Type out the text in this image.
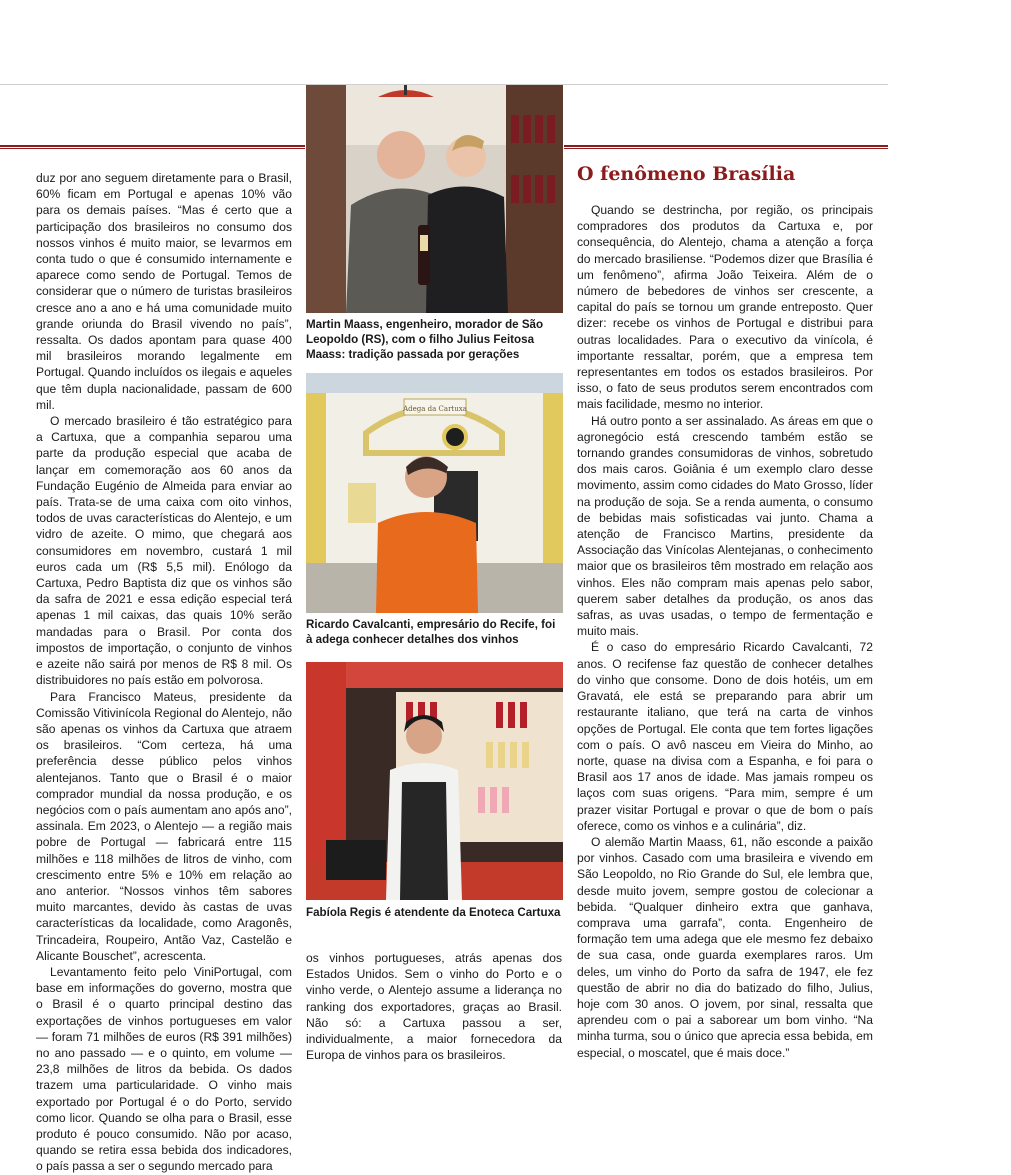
duz por ano seguem diretamente para o Brasil, 60% ficam em Portugal e apenas 10% vão para os demais países. “Mas é certo que a participação dos brasileiros no consumo dos nossos vinhos é muito maior, se levarmos em conta tudo o que é consumido internamente e aparece como sendo de Portugal. Temos de considerar que o número de turistas brasileiros cresce ano a ano e há uma comunidade muito grande oriunda do Brasil vivendo no país”, ressalta. Os dados apontam para quase 400 mil brasileiros morando legalmente em Portugal. Quando incluídos os ilegais e aqueles que têm dupla nacionalidade, passam de 600 mil.

O mercado brasileiro é tão estratégico para a Cartuxa, que a companhia separou uma parte da produção especial que acaba de lançar em comemoração aos 60 anos da Fundação Eugénio de Almeida para enviar ao país. Trata-se de uma caixa com oito vinhos, todos de uvas características do Alentejo, e um vidro de azeite. O mimo, que chegará aos consumidores em novembro, custará 1 mil euros cada um (R$ 5,5 mil). Enólogo da Cartuxa, Pedro Baptista diz que os vinhos são da safra de 2021 e essa edição especial terá apenas 1 mil caixas, das quais 10% serão mandadas para o Brasil. Por conta dos impostos de importação, o conjunto de vinhos e azeite não sairá por menos de R$ 8 mil. Os distribuidores no país estão em polvorosa.

Para Francisco Mateus, presidente da Comissão Vitivinícola Regional do Alentejo, não são apenas os vinhos da Cartuxa que atraem os brasileiros. “Com certeza, há uma preferência desse público pelos vinhos alentejanos. Tanto que o Brasil é o maior comprador mundial da nossa produção, e os negócios com o país aumentam ano após ano”, assinala. Em 2023, o Alentejo — a região mais pobre de Portugal — fabricará entre 115 milhões e 118 milhões de litros de vinho, com crescimento entre 5% e 10% em relação ao ano anterior. “Nossos vinhos têm sabores muito marcantes, devido às castas de uvas características da localidade, como Aragonês, Trincadeira, Roupeiro, Antão Vaz, Castelão e Alicante Bouschet”, acrescenta.

Levantamento feito pelo ViniPortugal, com base em informações do governo, mostra que o Brasil é o quarto principal destino das exportações de vinhos portugueses em valor — foram 71 milhões de euros (R$ 391 milhões) no ano passado — e o quinto, em volume — 23,8 milhões de litros da bebida. Os dados trazem uma particularidade. O vinho mais exportado por Portugal é o do Porto, servido como licor. Quando se olha para o Brasil, esse produto é pouco consumido. Não por acaso, quando se retira essa bebida dos indicadores, o país passa a ser o segundo mercado para

Martin Maass, engenheiro, morador de São Leopoldo (RS), com o filho Julius Feitosa Maass: tradição passada por gerações
Adega da Cartuxa
Ricardo Cavalcanti, empresário do Recife, foi à adega conhecer detalhes dos vinhos
Fabíola Regis é atendente da Enoteca Cartuxa

os vinhos portugueses, atrás apenas dos Estados Unidos. Sem o vinho do Porto e o vinho verde, o Alentejo assume a liderança no ranking dos exportadores, graças ao Brasil. Não só: a Cartuxa passou a ser, individualmente, a maior fornecedora da Europa de vinhos para os brasileiros.

O fenômeno Brasília

Quando se destrincha, por região, os principais compradores dos produtos da Cartuxa e, por consequência, do Alentejo, chama a atenção a força do mercado brasiliense. “Podemos dizer que Brasília é um fenômeno”, afirma João Teixeira. Além de o número de bebedores de vinhos ser crescente, a capital do país se tornou um grande entreposto. Quer dizer: recebe os vinhos de Portugal e distribui para outras localidades. Para o executivo da vinícola, é importante ressaltar, porém, que a empresa tem representantes em todos os estados brasileiros. Por isso, o fato de seus produtos serem encontrados com mais facilidade, mesmo no interior.

Há outro ponto a ser assinalado. As áreas em que o agronegócio está crescendo também estão se tornando grandes consumidoras de vinhos, sobretudo dos mais caros. Goiânia é um exemplo claro desse movimento, assim como cidades do Mato Grosso, líder na produção de soja. Se a renda aumenta, o consumo de bebidas mais sofisticadas vai junto. Chama a atenção de Francisco Martins, presidente da Associação das Vinícolas Alentejanas, o conhecimento maior que os brasileiros têm mostrado em relação aos vinhos. Eles não compram mais apenas pelo sabor, querem saber detalhes da produção, os anos das safras, as uvas usadas, o tempo de fermentação e muito mais.

É o caso do empresário Ricardo Cavalcanti, 72 anos. O recifense faz questão de conhecer detalhes do vinho que consome. Dono de dois hotéis, um em Gravatá, ele está se preparando para abrir um restaurante italiano, que terá na carta de vinhos opções de Portugal. Ele conta que tem fortes ligações com o país. O avô nasceu em Vieira do Minho, ao norte, quase na divisa com a Espanha, e foi para o Brasil aos 17 anos de idade. Mas jamais rompeu os laços com suas origens. “Para mim, sempre é um prazer visitar Portugal e provar o que de bom o país oferece, como os vinhos e a culinária”, diz.

O alemão Martin Maass, 61, não esconde a paixão por vinhos. Casado com uma brasileira e vivendo em São Leopoldo, no Rio Grande do Sul, ele lembra que, desde muito jovem, sempre gostou de colecionar a bebida. “Qualquer dinheiro extra que ganhava, comprava uma garrafa”, conta. Engenheiro de formação tem uma adega que ele mesmo fez debaixo de sua casa, onde guarda exemplares raros. Um deles, um vinho do Porto da safra de 1947, ele fez questão de abrir no dia do batizado do filho, Julius, hoje com 30 anos. O jovem, por sinal, ressalta que aprendeu com o pai a saborear um bom vinho. “Na minha turma, sou o único que aprecia essa bebida, em especial, o moscatel, que é mais doce.”
